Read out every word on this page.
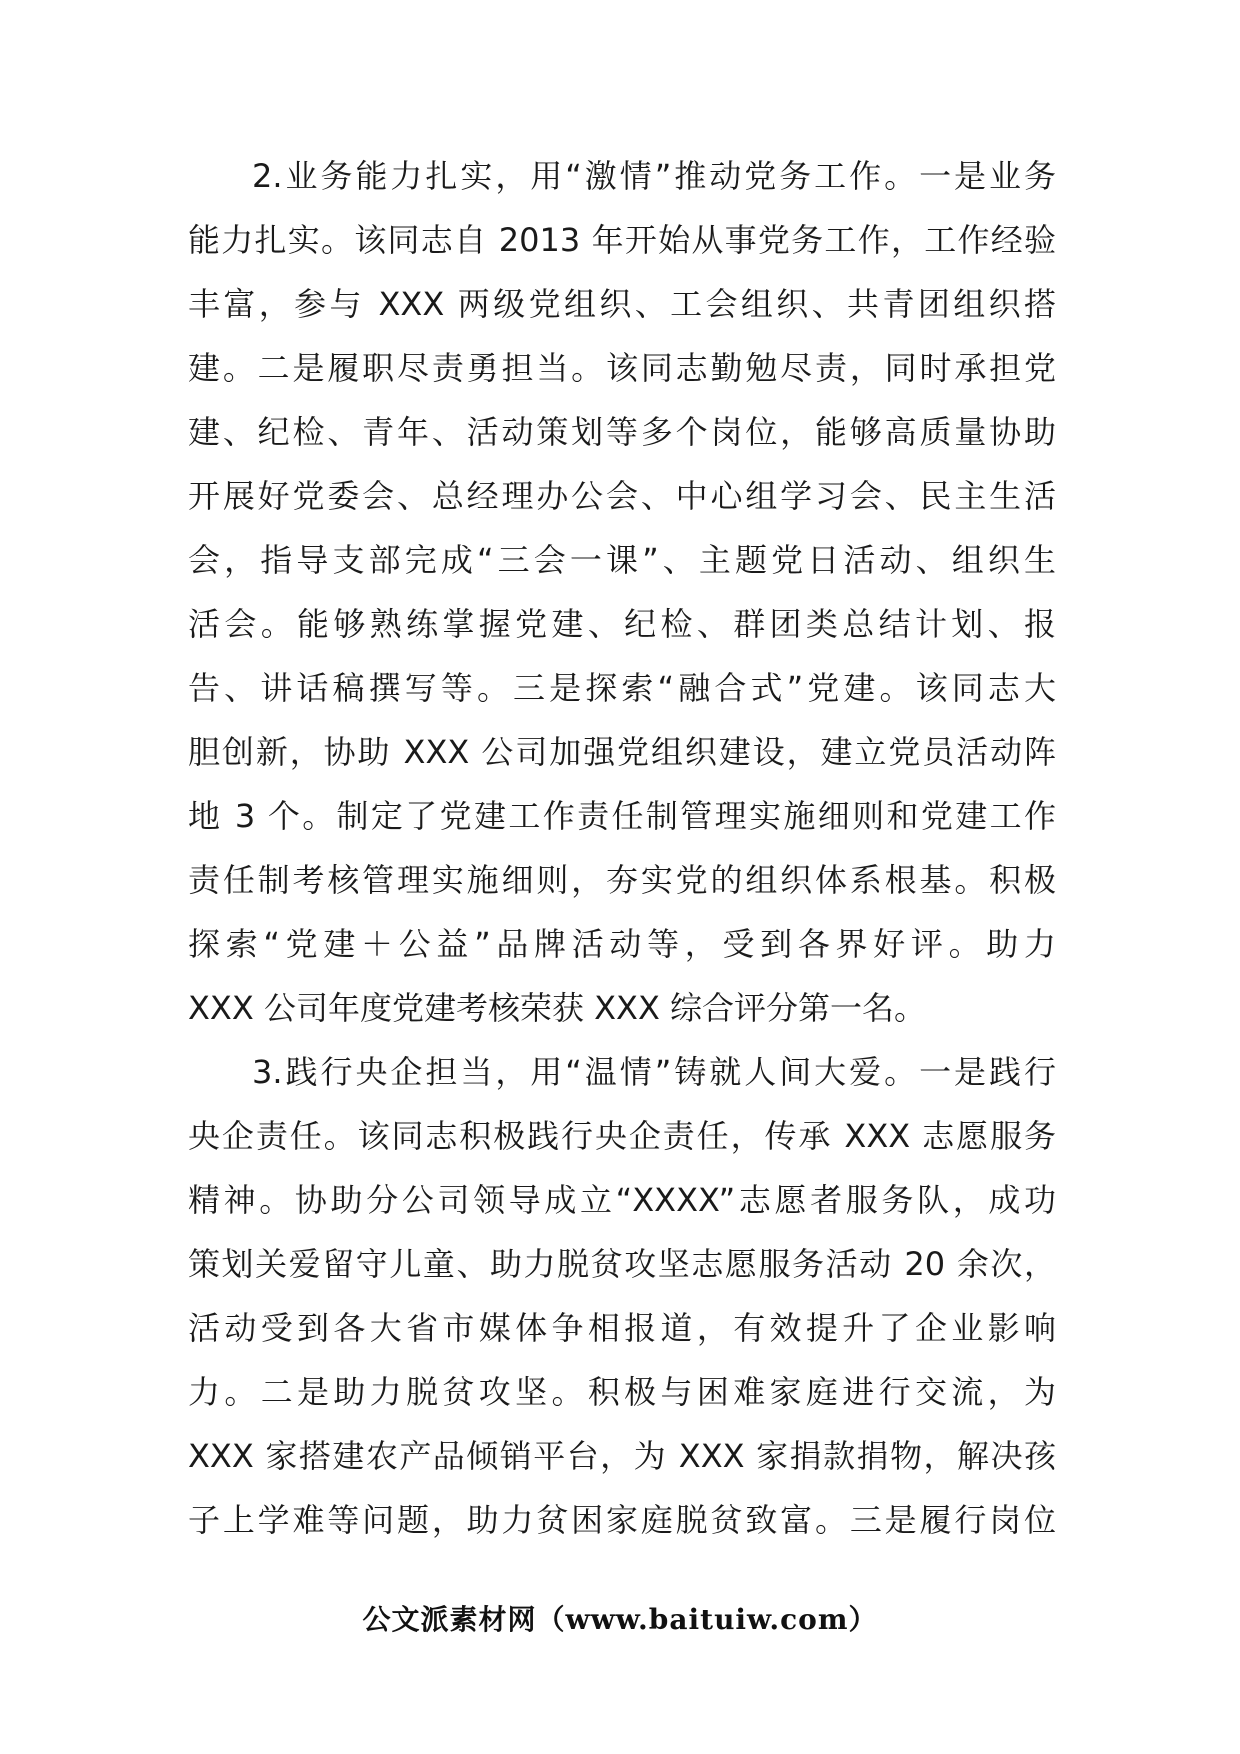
2.业务能力扎实，用“激情”推动党务工作。一是业务
能力扎实。该同志自 2013 年开始从事党务工作，工作经验
丰富，参与 XXX 两级党组织、工会组织、共青团组织搭
建。二是履职尽责勇担当。该同志勤勉尽责，同时承担党
建、纪检、青年、活动策划等多个岗位，能够高质量协助
开展好党委会、总经理办公会、中心组学习会、民主生活
会，指导支部完成“三会一课”、主题党日活动、组织生
活会。能够熟练掌握党建、纪检、群团类总结计划、报
告、讲话稿撰写等。三是探索“融合式”党建。该同志大
胆创新，协助 XXX 公司加强党组织建设，建立党员活动阵
地 3 个。制定了党建工作责任制管理实施细则和党建工作
责任制考核管理实施细则，夯实党的组织体系根基。积极
探索“党建＋公益”品牌活动等，受到各界好评。助力
XXX 公司年度党建考核荣获 XXX 综合评分第一名。
3.践行央企担当，用“温情”铸就人间大爱。一是践行
央企责任。该同志积极践行央企责任，传承 XXX 志愿服务
精神。协助分公司领导成立“XXXX”志愿者服务队，成功
策划关爱留守儿童、助力脱贫攻坚志愿服务活动 20 余次，
活动受到各大省市媒体争相报道，有效提升了企业影响
力。二是助力脱贫攻坚。积极与困难家庭进行交流，为
XXX 家搭建农产品倾销平台，为 XXX 家捐款捐物，解决孩
子上学难等问题，助力贫困家庭脱贫致富。三是履行岗位
公文派素材网（www.baituiw.com）
